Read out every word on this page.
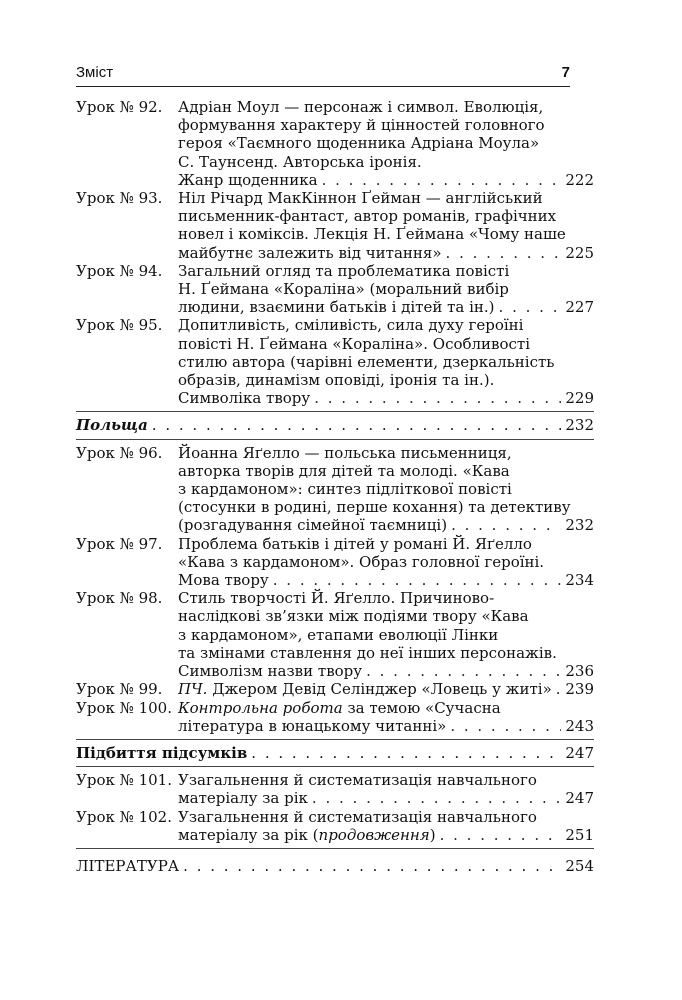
Зміст	7
Урок № 92. Адріан Моул — персонаж і символ. Еволюція,
формування характеру й цінностей головного
героя «Таємного щоденника Адріана Моула»
С. Таунсенд. Авторська іронія.
Жанр щоденника . . .	222
Урок № 93. Ніл Річард МакКіннон Ґейман — англійський
письменник-фантаст, автор романів, графічних
новел і коміксів. Лекція Н. Ґеймана «Чому наше
майбутнє залежить від читання» . . .	225
Урок № 94. Загальний огляд та проблематика повісті
Н. Ґеймана «Кораліна» (моральний вибір
людини, взаємини батьків і дітей та ін.) . . .	227
Урок № 95. Допитливість, сміливість, сила духу героїні
повісті Н. Ґеймана «Кораліна». Особливості
стилю автора (чарівні елементи, дзеркальність
образів, динамізм оповіді, іронія та ін.).
Символіка твору . . .	229
Польща . . .	232
Урок № 96. Йоанна Яґелло — польська письменниця,
авторка творів для дітей та молоді. «Кава
з кардамоном»: синтез підліткової повісті
(стосунки в родині, перше кохання) та детективу
(розгадування сімейної таємниці) . . .	232
Урок № 97. Проблема батьків і дітей у романі Й. Яґелло
«Кава з кардамоном». Образ головної героїні.
Мова твору . . .	234
Урок № 98. Стиль творчості Й. Яґелло. Причиново-
наслідкові зв’язки між подіями твору «Кава
з кардамоном», етапами еволюції Лінки
та змінами ставлення до неї інших персонажів.
Символізм назви твору . . .	236
Урок № 99. ПЧ. Джером Девід Селінджер «Ловець у житі» . . . 239
Урок № 100. Контрольна робота за темою «Сучасна
література в юнацькому читанні» . . .	243
Підбиття підсумків . . .	247
Урок № 101. Узагальнення й систематизація навчального
матеріалу за рік . . .	247
Урок № 102. Узагальнення й систематизація навчального
матеріалу за рік (продовження) . . .	251
ЛІТЕРАТУРА . . .	254
